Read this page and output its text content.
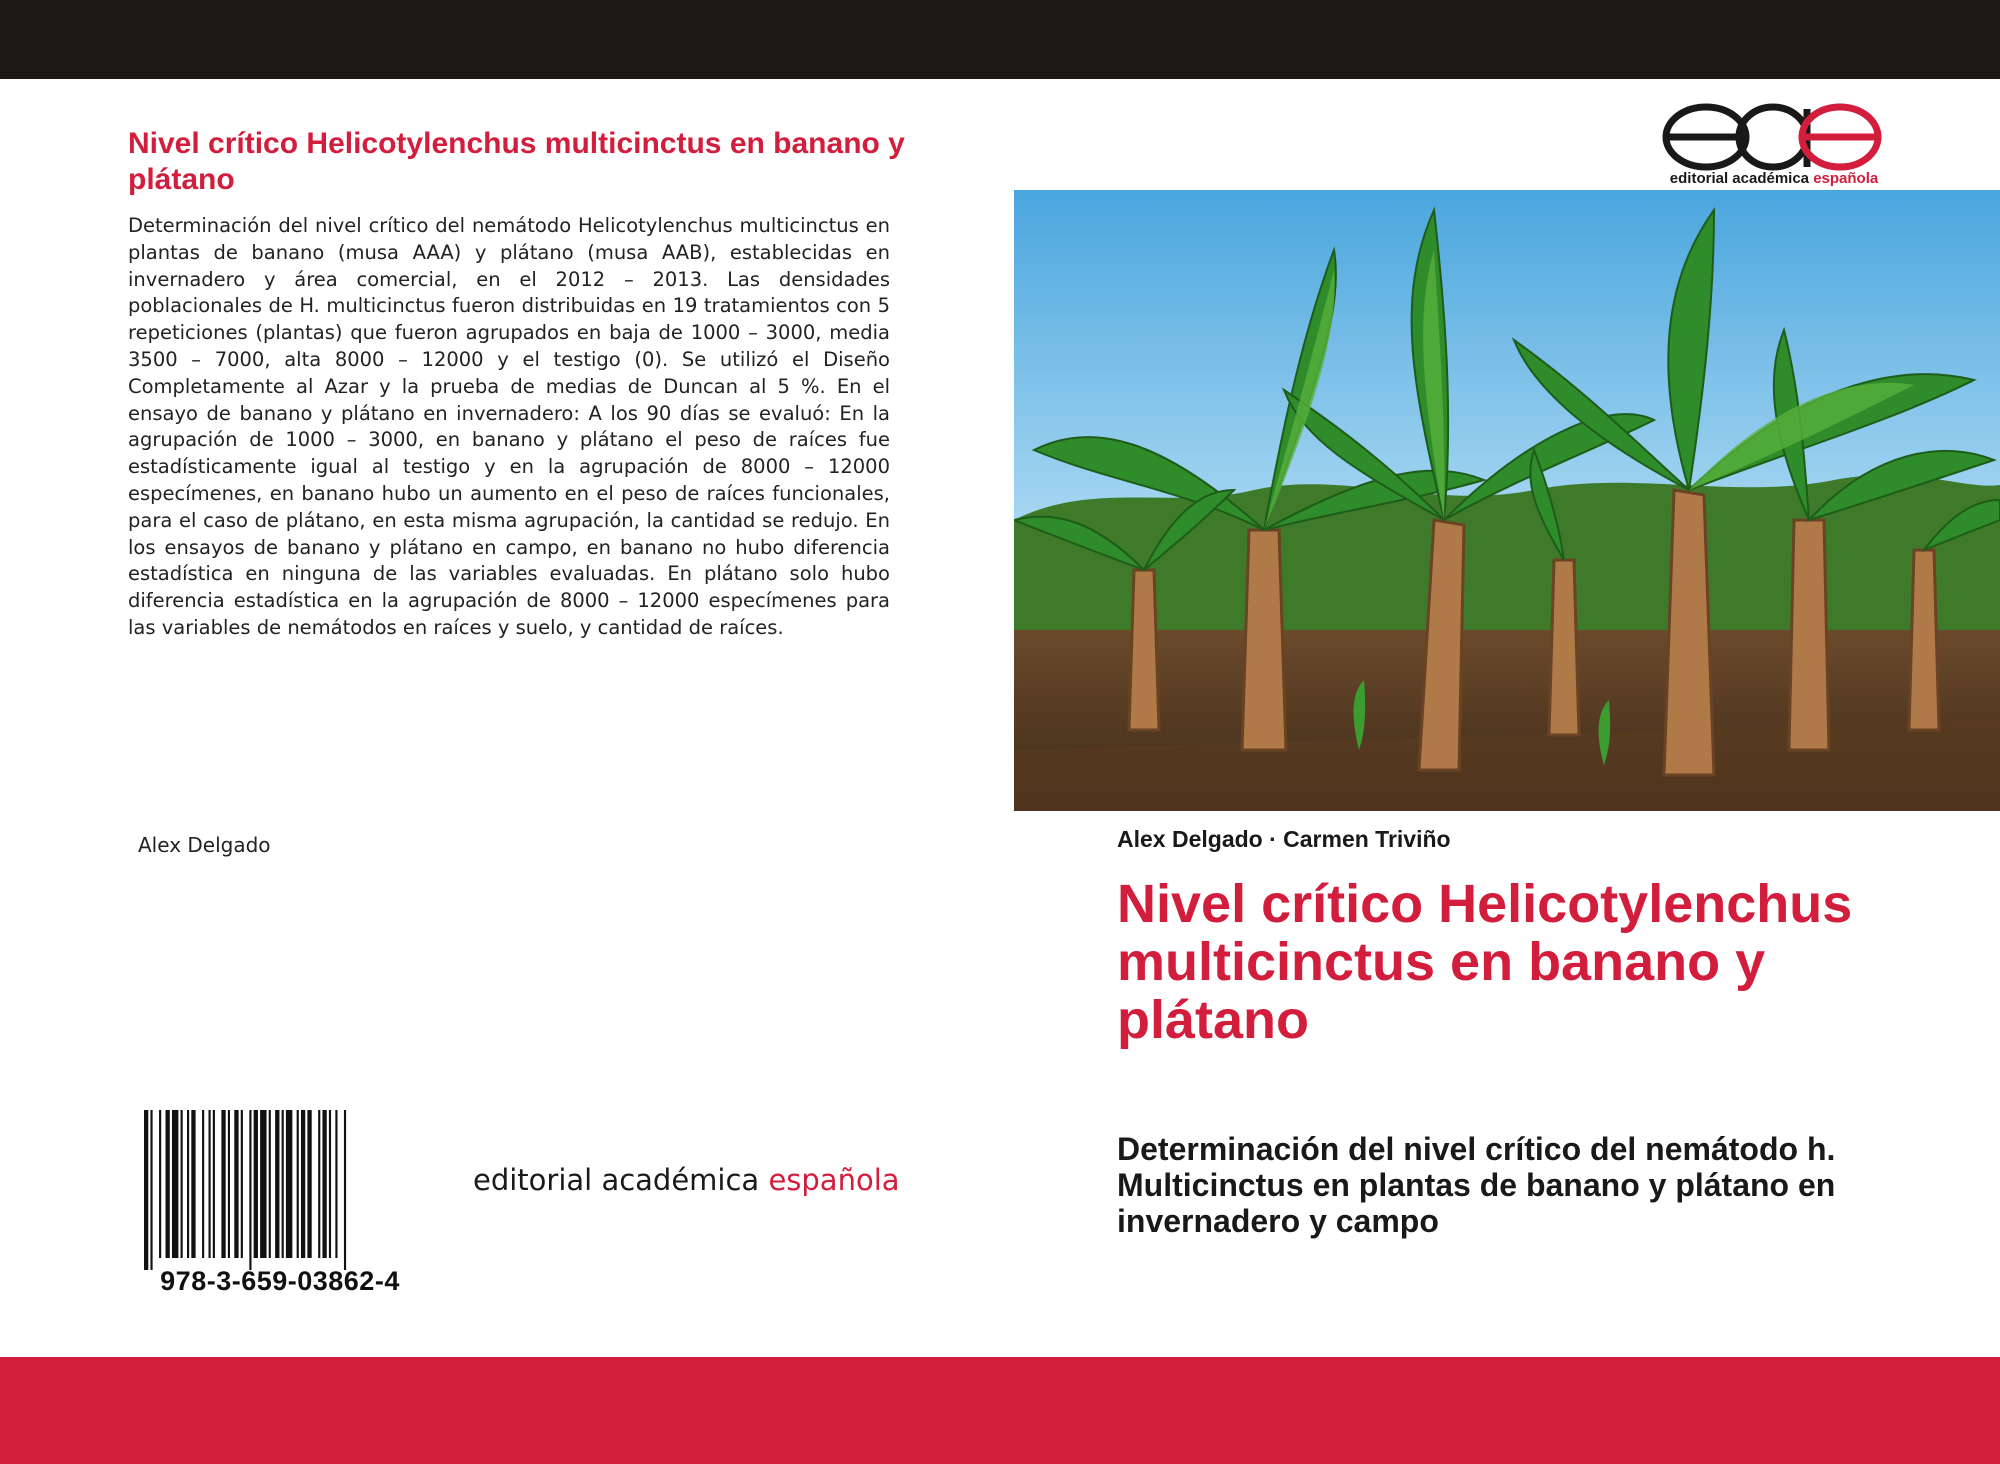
Nivel crítico Helicotylenchus multicinctus en banano y plátano

Determinación del nivel crítico del nemátodo Helicotylenchus multicinctus en plantas de banano (musa AAA) y plátano (musa AAB), establecidas en invernadero y área comercial, en el 2012 – 2013. Las densidades poblacionales de H. multicinctus fueron distribuidas en 19 tratamientos con 5 repeticiones (plantas) que fueron agrupados en baja de 1000 – 3000, media 3500 – 7000, alta 8000 – 12000 y el testigo (0). Se utilizó el Diseño Completamente al Azar y la prueba de medias de Duncan al 5 %. En el ensayo de banano y plátano en invernadero: A los 90 días se evaluó: En la agrupación de 1000 – 3000, en banano y plátano el peso de raíces fue estadísticamente igual al testigo y en la agrupación de 8000 – 12000 especímenes, en banano hubo un aumento en el peso de raíces funcionales, para el caso de plátano, en esta misma agrupación, la cantidad se redujo. En los ensayos de banano y plátano en campo, en banano no hubo diferencia estadística en ninguna de las variables evaluadas. En plátano solo hubo diferencia estadística en la agrupación de 8000 – 12000 especímenes para las variables de nemátodos en raíces y suelo, y cantidad de raíces.

Alex Delgado
978-3-659-03862-4
editorial académica española
editorial académica española
Alex Delgado · Carmen Triviño
Nivel crítico Helicotylenchus multicinctus en banano y plátano
Determinación del nivel crítico del nemátodo h. Multicinctus en plantas de banano y plátano en invernadero y campo
